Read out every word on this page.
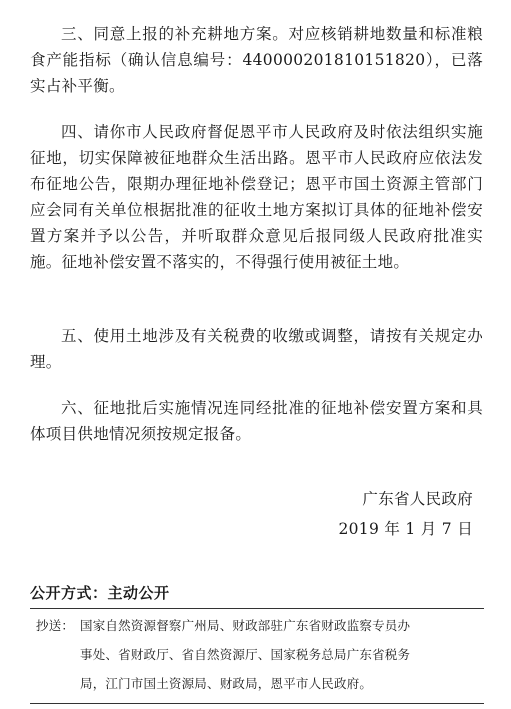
三、同意上报的补充耕地方案。对应核销耕地数量和标准粮食产能指标（确认信息编号：44000020181015182​0），已落实占补平衡。

四、请你市人民政府督促恩平市人民政府及时依法组织实施征地，切实保障被征地群众生活出路。恩平市人民政府应依法发布征地公告，限期办理征地补偿登记；恩平市国土资源主管部门应会同有关单位根据批准的征收土地方案拟订具体的征地补偿安置方案并予以公告，并听取群众意见后报同级人民政府批准实施。征地补偿安置不落实的，不得强行使用被征土地。

五、使用土地涉及有关税费的收缴或调整，请按有关规定办理。

六、征地批后实施情况连同经批准的征地补偿安置方案和具体项目供地情况须按规定报备。

广东省人民政府
2019 年 1 月 7 日
公开方式：主动公开
抄送： 国家自然资源督察广州局、财政部驻广东省财政监察专员办
事处、省财政厅、省自然资源厅、国家税务总局广东省税务
局，江门市国土资源局、财政局，恩平市人民政府。
